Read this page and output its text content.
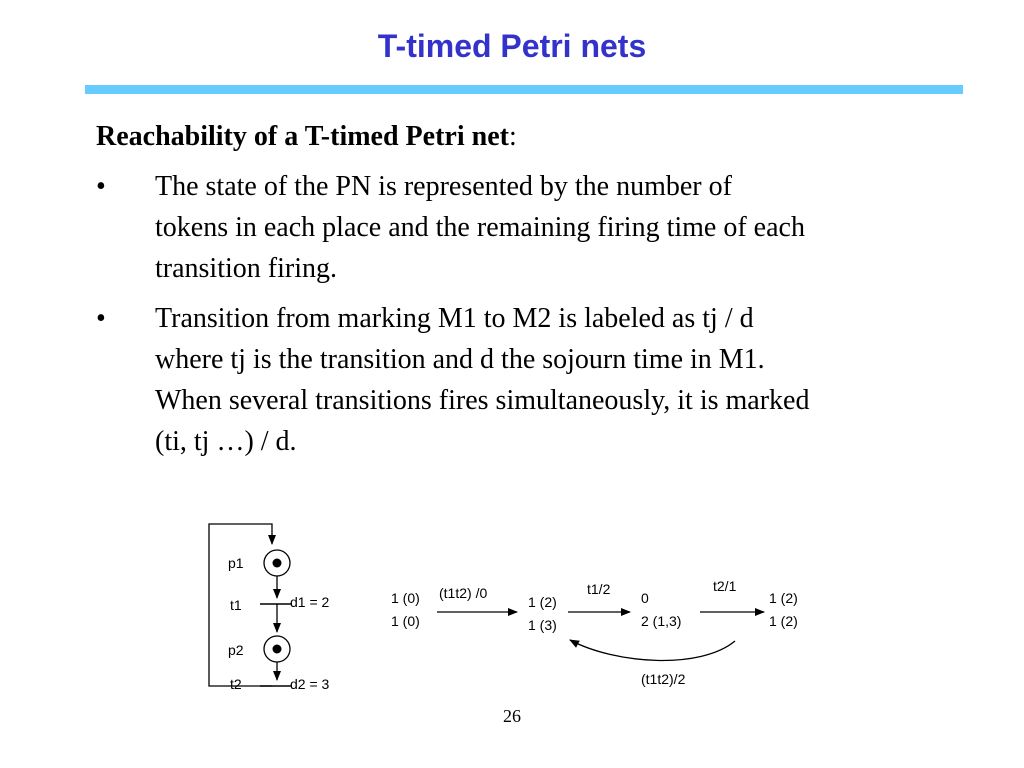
T-timed Petri nets
Reachability of a T-timed Petri net:
• The state of the PN is represented by the number of
tokens in each place and the remaining firing time of each
transition firing.
• Transition from marking M1 to M2 is labeled as tj / d
where tj is the transition and d the sojourn time in M1.
When several transitions fires simultaneously, it is marked
(ti, tj …) / d.
p1
t1	d1 = 2
p2
t2	d2 = 3
1 (0)
1 (0)
(t1t2) /0
1 (2)
1 (3)
t1/2
0
2 (1,3)
t2/1
1 (2)
1 (2)
(t1t2)/2
26
